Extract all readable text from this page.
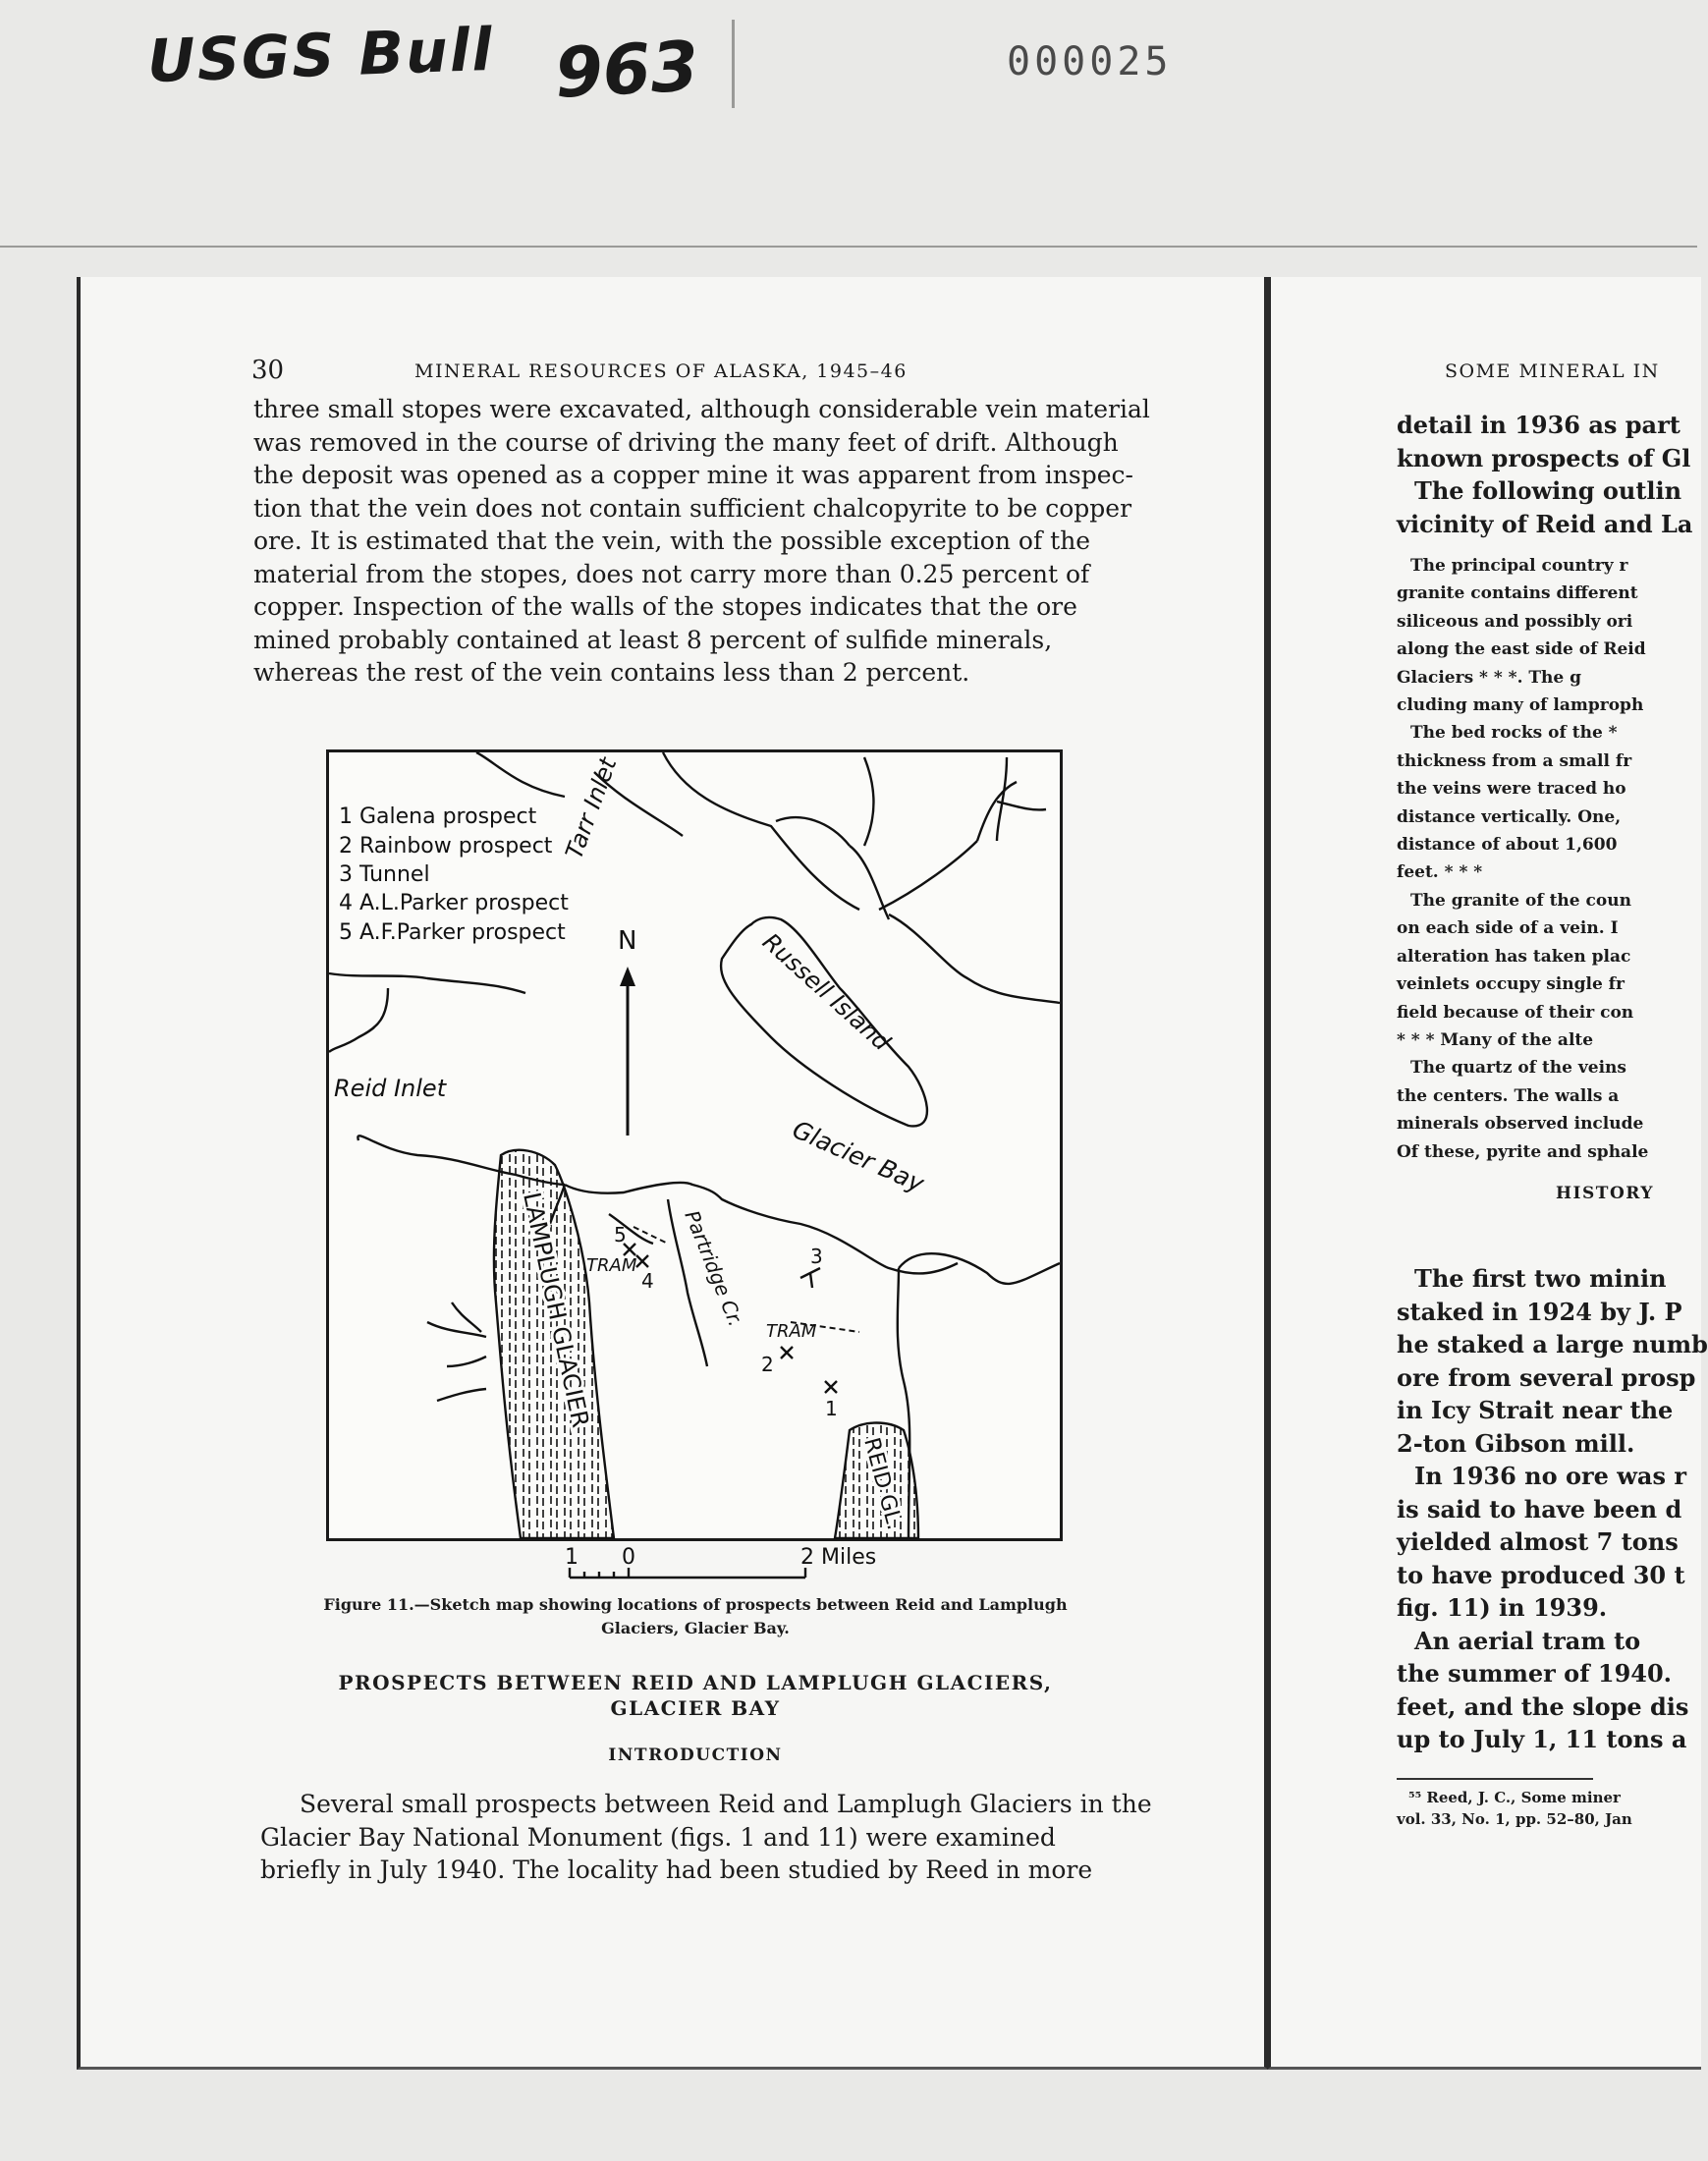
USGS Bull 963	000025
30	MINERAL RESOURCES OF ALASKA, 1945–46
three small stopes were excavated, although considerable vein material
was removed in the course of driving the many feet of drift. Although
the deposit was opened as a copper mine it was apparent from inspec-
tion that the vein does not contain sufficient chalcopyrite to be copper
ore. It is estimated that the vein, with the possible exception of the
material from the stopes, does not carry more than 0.25 percent of
copper. Inspection of the walls of the stopes indicates that the ore
mined probably contained at least 8 percent of sulfide minerals,
whereas the rest of the vein contains less than 2 percent.
Figure 11.—Sketch map showing locations of prospects between Reid and Lamplugh
Glaciers, Glacier Bay.
PROSPECTS BETWEEN REID AND LAMPLUGH GLACIERS,
GLACIER BAY
INTRODUCTION
Several small prospects between Reid and Lamplugh Glaciers in the
Glacier Bay National Monument (figs. 1 and 11) were examined
briefly in July 1940. The locality had been studied by Reed in more
N
1 Galena prospect
2 Rainbow prospect
3 Tunnel
4 A.L.Parker prospect
5 A.F.Parker prospect
Tarr Inlet
Russell Island
Reid Inlet
Glacier Bay
Partridge Cr.
LAMPLUGH GLACIER
REID GL.
TRAM
TRAM
1
2
3
4
5
1 0	2 Miles
SOME MINERAL IN
detail in 1936 as part
known prospects of Gl
The following outlin
vicinity of Reid and La
The principal country r
granite contains different
siliceous and possibly ori
along the east side of Reid
Glaciers * * *. The g
cluding many of lamproph
The bed rocks of the *
thickness from a small fr
the veins were traced ho
distance vertically. One,
distance of about 1,600
feet. * * *
The granite of the coun
on each side of a vein. I
alteration has taken plac
veinlets occupy single fr
field because of their con
* * * Many of the alte
The quartz of the veins
the centers. The walls a
minerals observed include
Of these, pyrite and sphale
HISTORY
The first two minin
staked in 1924 by J. P
he staked a large numb
ore from several prosp
in Icy Strait near the
2-ton Gibson mill.
In 1936 no ore was r
is said to have been d
yielded almost 7 tons
to have produced 30 t
fig. 11) in 1939.
An aerial tram to
the summer of 1940.
feet, and the slope dis
up to July 1, 11 tons a
⁵⁵ Reed, J. C., Some miner
vol. 33, No. 1, pp. 52–80, Jan
